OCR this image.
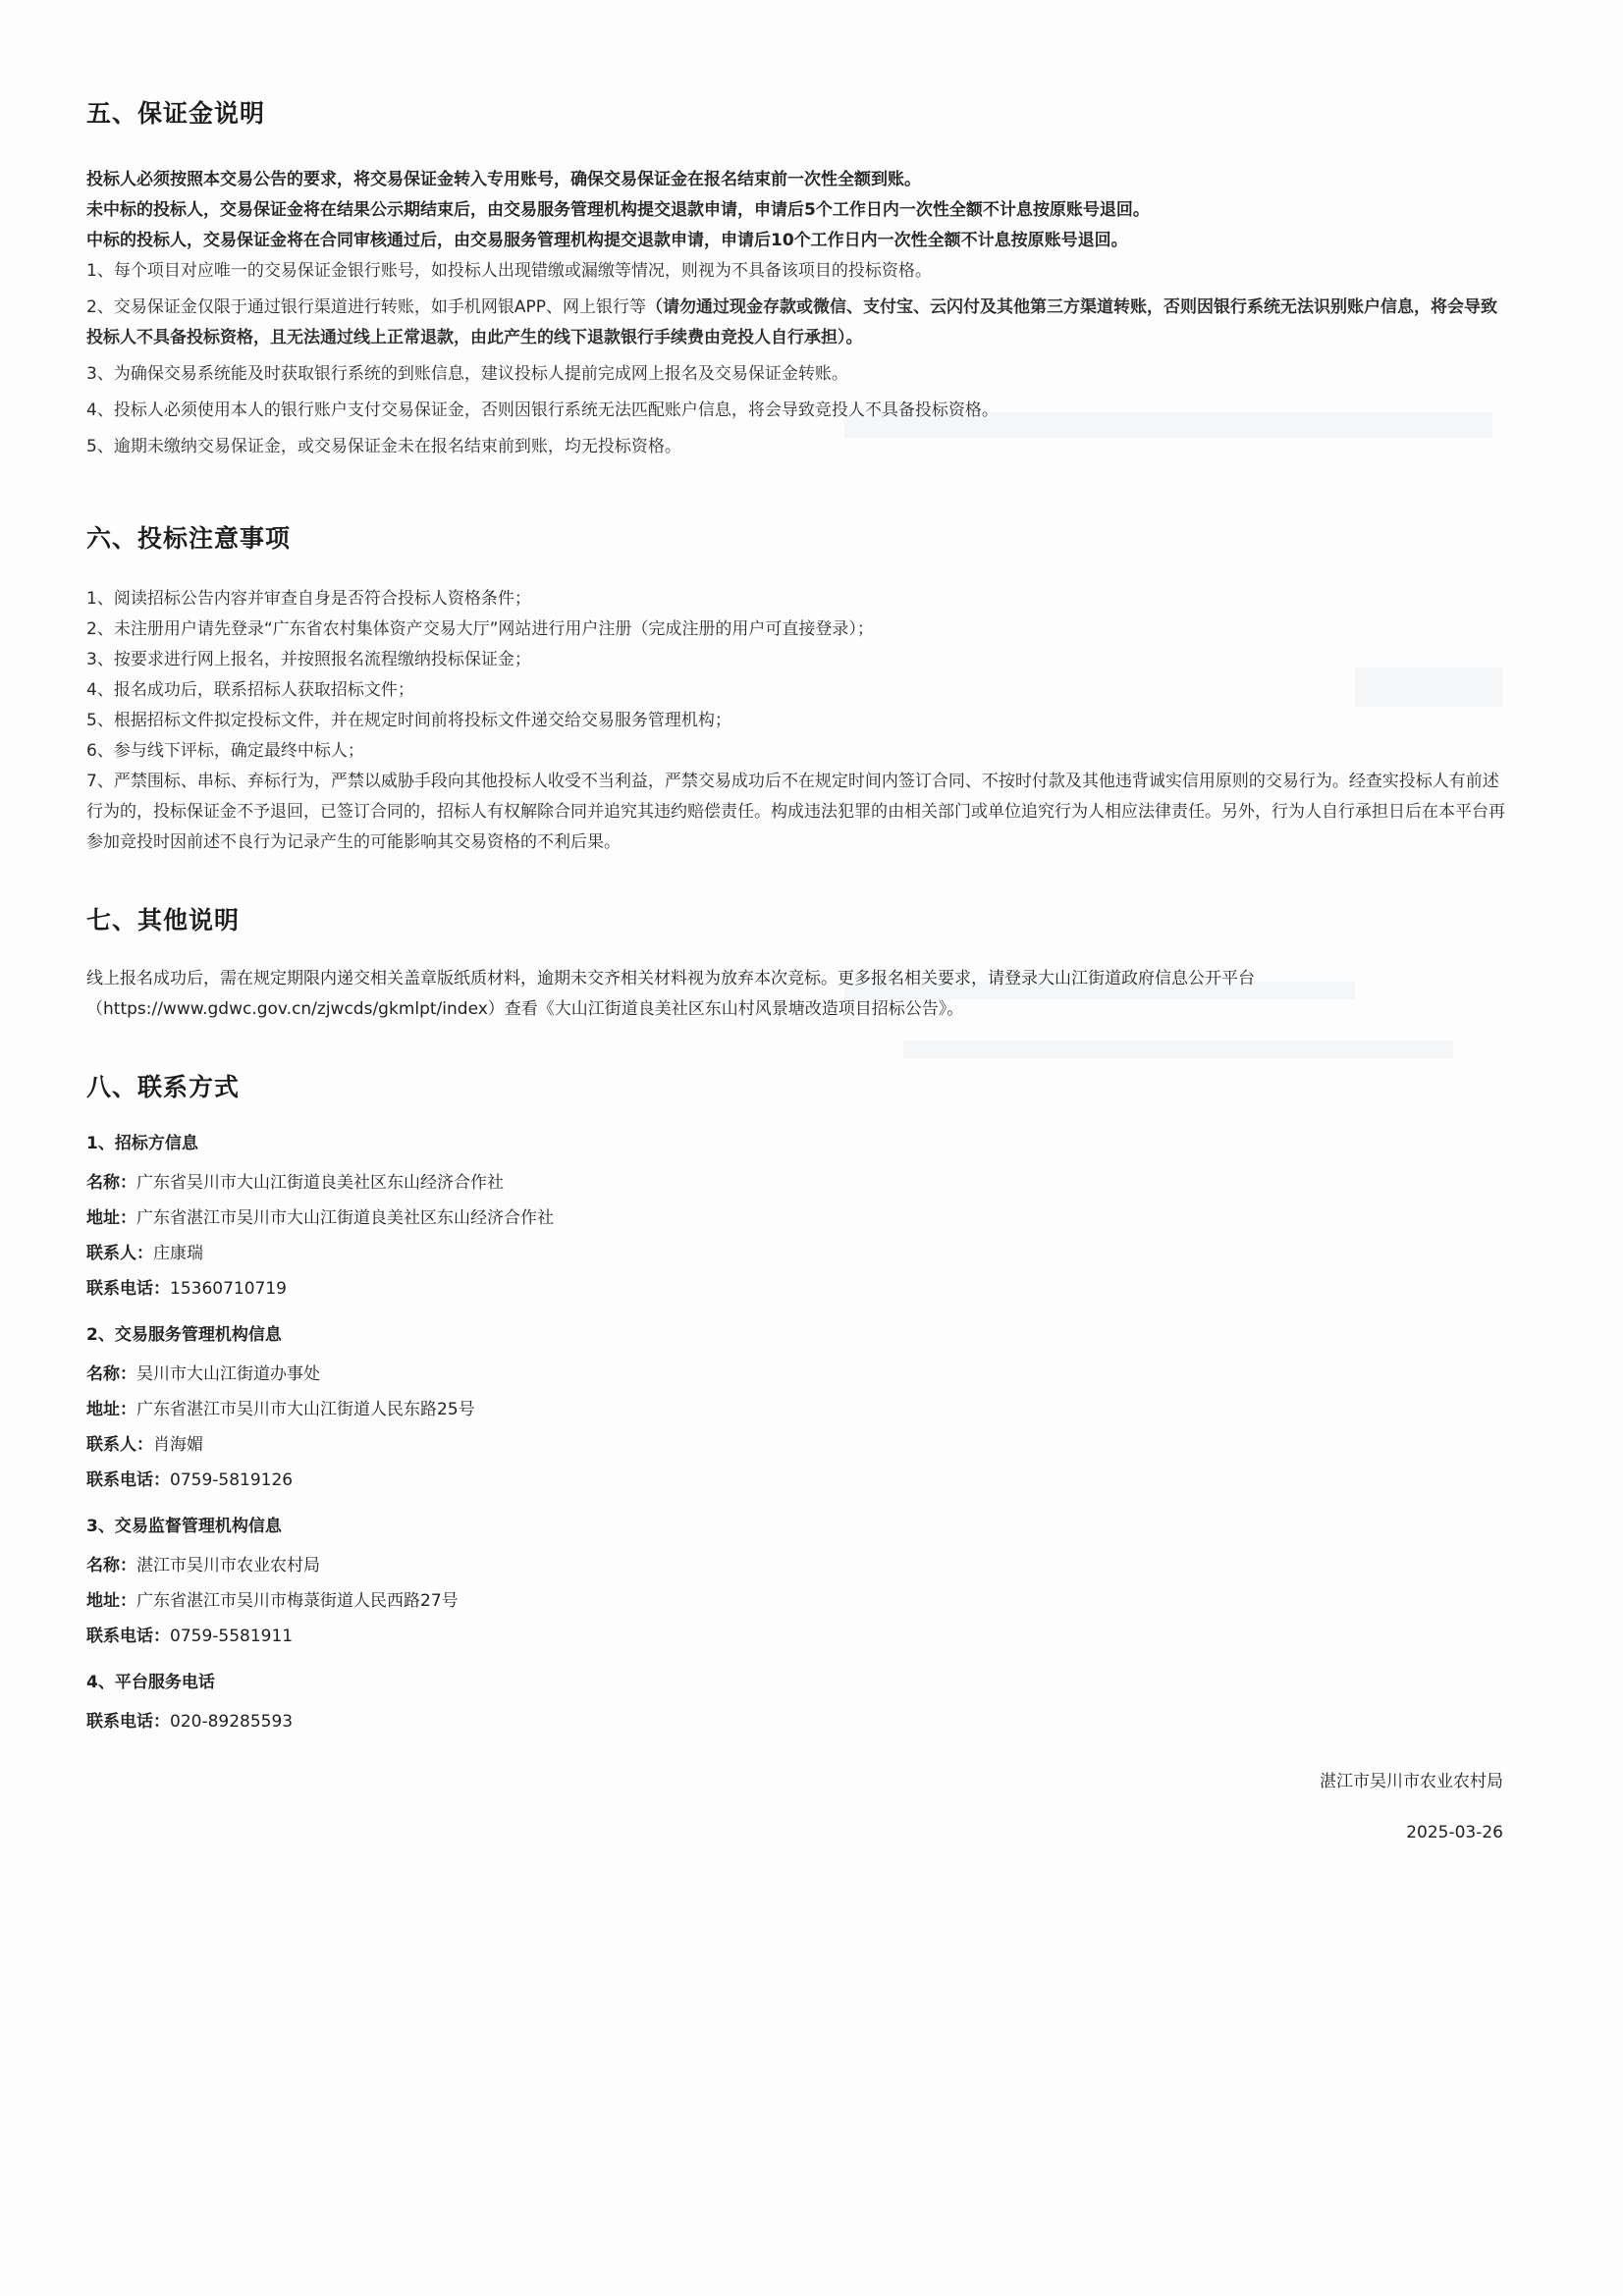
五、保证金说明

投标人必须按照本交易公告的要求，将交易保证金转入专用账号，确保交易保证金在报名结束前一次性全额到账。

未中标的投标人，交易保证金将在结果公示期结束后，由交易服务管理机构提交退款申请，申请后5个工作日内一次性全额不计息按原账号退回。

中标的投标人，交易保证金将在合同审核通过后，由交易服务管理机构提交退款申请，申请后10个工作日内一次性全额不计息按原账号退回。

1、每个项目对应唯一的交易保证金银行账号，如投标人出现错缴或漏缴等情况，则视为不具备该项目的投标资格。

2、交易保证金仅限于通过银行渠道进行转账，如手机网银APP、网上银行等（请勿通过现金存款或微信、支付宝、云闪付及其他第三方渠道转账，否则因银行系统无法识别账户信息，将会导致投标人不具备投标资格，且无法通过线上正常退款，由此产生的线下退款银行手续费由竞投人自行承担）。

3、为确保交易系统能及时获取银行系统的到账信息，建议投标人提前完成网上报名及交易保证金转账。

4、投标人必须使用本人的银行账户支付交易保证金，否则因银行系统无法匹配账户信息，将会导致竞投人不具备投标资格。

5、逾期未缴纳交易保证金，或交易保证金未在报名结束前到账，均无投标资格。

六、投标注意事项

1、阅读招标公告内容并审查自身是否符合投标人资格条件；

2、未注册用户请先登录“广东省农村集体资产交易大厅”网站进行用户注册（完成注册的用户可直接登录）；

3、按要求进行网上报名，并按照报名流程缴纳投标保证金；

4、报名成功后，联系招标人获取招标文件；

5、根据招标文件拟定投标文件，并在规定时间前将投标文件递交给交易服务管理机构；

6、参与线下评标，确定最终中标人；

7、严禁围标、串标、弃标行为，严禁以威胁手段向其他投标人收受不当利益，严禁交易成功后不在规定时间内签订合同、不按时付款及其他违背诚实信用原则的交易行为。经查实投标人有前述行为的，投标保证金不予退回，已签订合同的，招标人有权解除合同并追究其违约赔偿责任。构成违法犯罪的由相关部门或单位追究行为人相应法律责任。另外，行为人自行承担日后在本平台再参加竞投时因前述不良行为记录产生的可能影响其交易资格的不利后果。

七、其他说明

线上报名成功后，需在规定期限内递交相关盖章版纸质材料，逾期未交齐相关材料视为放弃本次竞标。更多报名相关要求，请登录大山江街道政府信息公开平台（https://www.gdwc.gov.cn/zjwcds/gkmlpt/index）查看《大山江街道良美社区东山村风景塘改造项目招标公告》。

八、联系方式

1、招标方信息

名称：广东省吴川市大山江街道良美社区东山经济合作社

地址：广东省湛江市吴川市大山江街道良美社区东山经济合作社

联系人：庄康瑞

联系电话：15360710719

2、交易服务管理机构信息

名称：吴川市大山江街道办事处

地址：广东省湛江市吴川市大山江街道人民东路25号

联系人：肖海媚

联系电话：0759-5819126

3、交易监督管理机构信息

名称：湛江市吴川市农业农村局

地址：广东省湛江市吴川市梅菉街道人民西路27号

联系电话：0759-5581911

4、平台服务电话

联系电话：020-89285593

湛江市吴川市农业农村局
2025-03-26
